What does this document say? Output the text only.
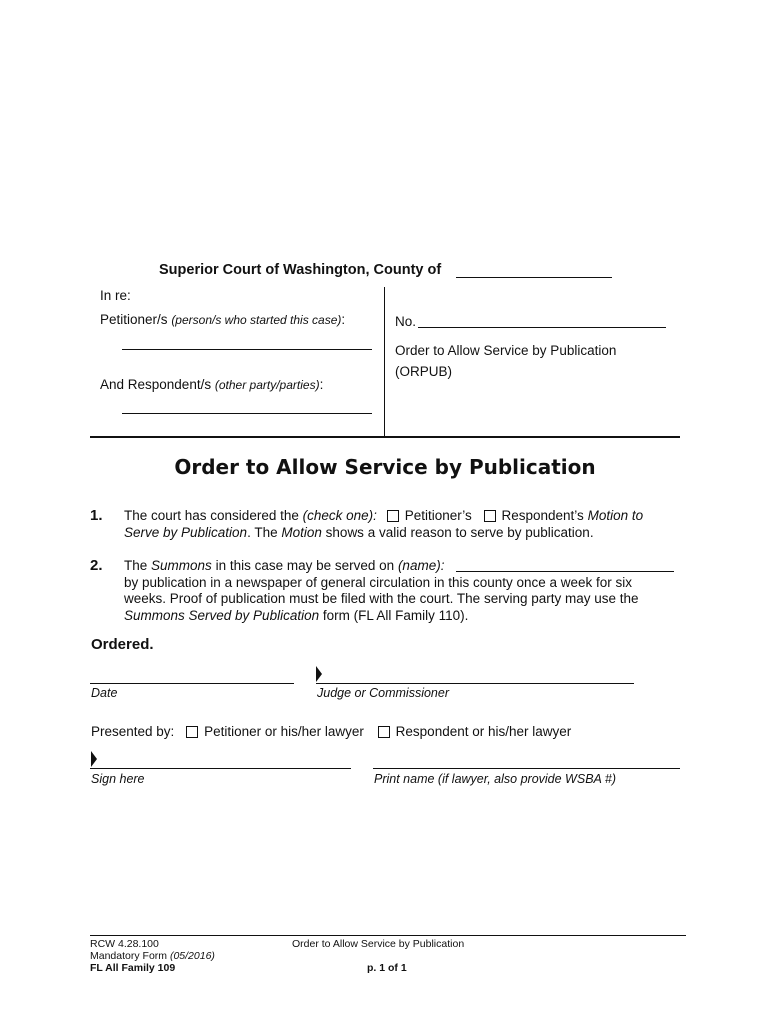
Superior Court of Washington, County of
In re:
Petitioner/s (person/s who started this case):
And Respondent/s (other party/parties):
No.
Order to Allow Service by Publication
(ORPUB)
Order to Allow Service by Publication
1. The court has considered the (check one): Petitioner’s Respondent’s Motion to
Serve by Publication. The Motion shows a valid reason to serve by publication.
2. The Summons in this case may be served on (name):
by publication in a newspaper of general circulation in this county once a week for six
weeks. Proof of publication must be filed with the court. The serving party may use the
Summons Served by Publication form (FL All Family 110).
Ordered.
Date	Judge or Commissioner
Presented by: Petitioner or his/her lawyer Respondent or his/her lawyer
Sign here	Print name (if lawyer, also provide WSBA #)
RCW 4.28.100
Mandatory Form (05/2016)
FL All Family 109
Order to Allow Service by Publication
p. 1 of 1
